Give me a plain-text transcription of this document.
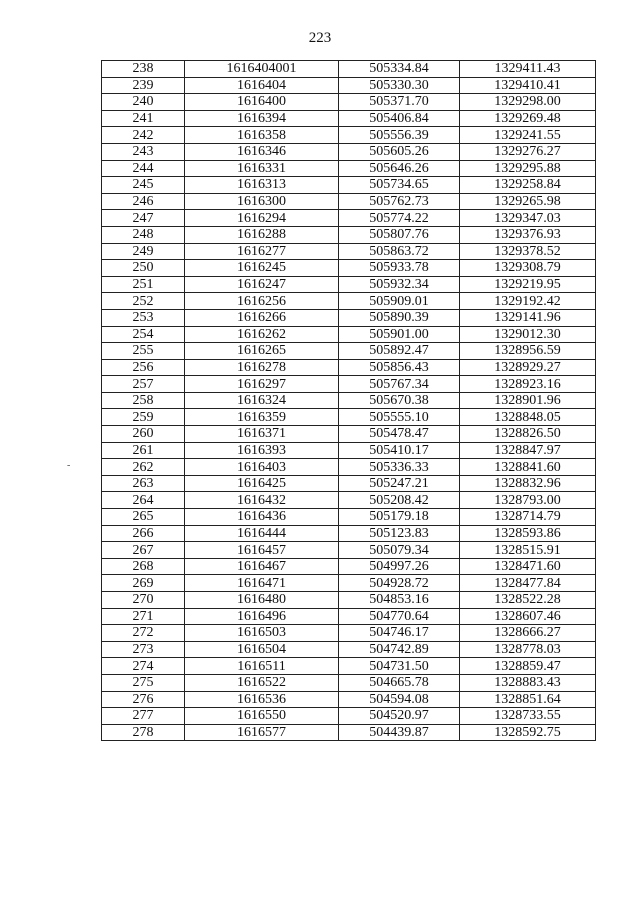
223
-
238	1616404001	505334.84	1329411.43
239	1616404	505330.30	1329410.41
240	1616400	505371.70	1329298.00
241	1616394	505406.84	1329269.48
242	1616358	505556.39	1329241.55
243	1616346	505605.26	1329276.27
244	1616331	505646.26	1329295.88
245	1616313	505734.65	1329258.84
246	1616300	505762.73	1329265.98
247	1616294	505774.22	1329347.03
248	1616288	505807.76	1329376.93
249	1616277	505863.72	1329378.52
250	1616245	505933.78	1329308.79
251	1616247	505932.34	1329219.95
252	1616256	505909.01	1329192.42
253	1616266	505890.39	1329141.96
254	1616262	505901.00	1329012.30
255	1616265	505892.47	1328956.59
256	1616278	505856.43	1328929.27
257	1616297	505767.34	1328923.16
258	1616324	505670.38	1328901.96
259	1616359	505555.10	1328848.05
260	1616371	505478.47	1328826.50
261	1616393	505410.17	1328847.97
262	1616403	505336.33	1328841.60
263	1616425	505247.21	1328832.96
264	1616432	505208.42	1328793.00
265	1616436	505179.18	1328714.79
266	1616444	505123.83	1328593.86
267	1616457	505079.34	1328515.91
268	1616467	504997.26	1328471.60
269	1616471	504928.72	1328477.84
270	1616480	504853.16	1328522.28
271	1616496	504770.64	1328607.46
272	1616503	504746.17	1328666.27
273	1616504	504742.89	1328778.03
274	1616511	504731.50	1328859.47
275	1616522	504665.78	1328883.43
276	1616536	504594.08	1328851.64
277	1616550	504520.97	1328733.55
278	1616577	504439.87	1328592.75
